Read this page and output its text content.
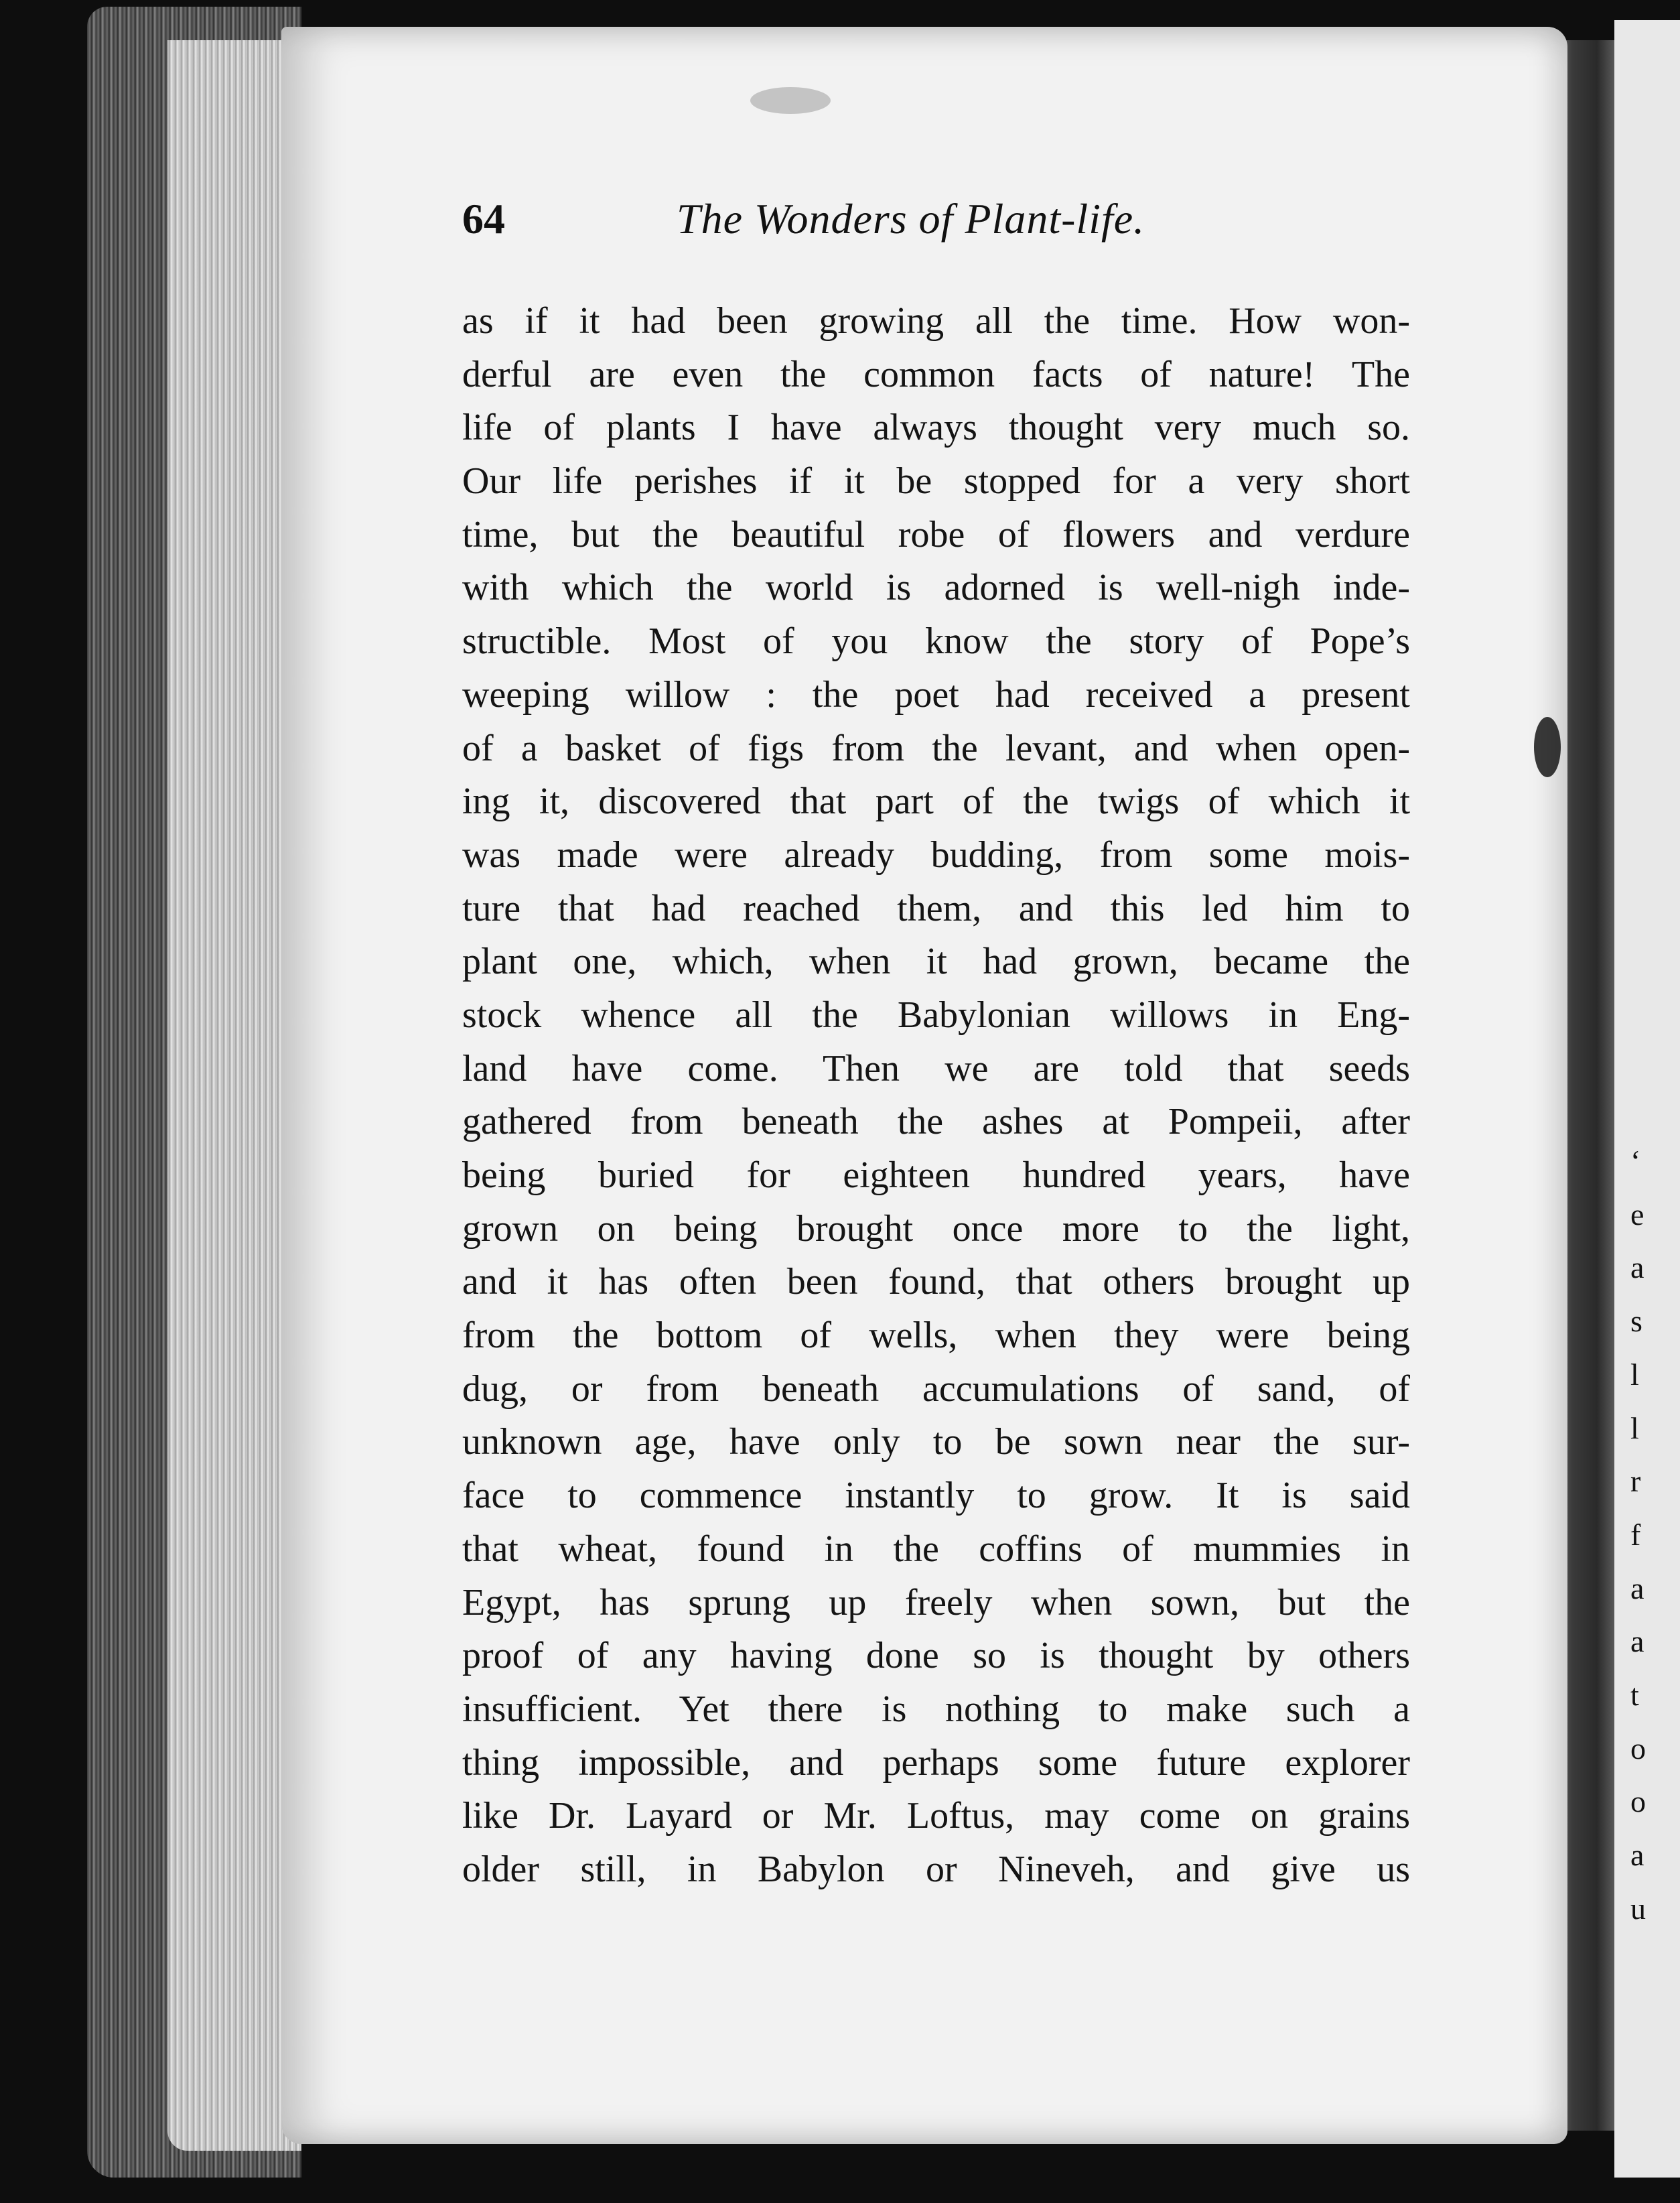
‘
e
a
s
l
l
r
f
a
a
t
o
o
a
u
64	The Wonders of Plant-life.
as if it had been growing all the time. How won-
derful are even the common facts of nature! The
life of plants I have always thought very much so.
Our life perishes if it be stopped for a very short
time, but the beautiful robe of flowers and verdure
with which the world is adorned is well-nigh inde-
structible. Most of you know the story of Pope’s
weeping willow : the poet had received a present
of a basket of figs from the levant, and when open-
ing it, discovered that part of the twigs of which it
was made were already budding, from some mois-
ture that had reached them, and this led him to
plant one, which, when it had grown, became the
stock whence all the Babylonian willows in Eng-
land have come. Then we are told that seeds
gathered from beneath the ashes at Pompeii, after
being buried for eighteen hundred years, have
grown on being brought once more to the light,
and it has often been found, that others brought up
from the bottom of wells, when they were being
dug, or from beneath accumulations of sand, of
unknown age, have only to be sown near the sur-
face to commence instantly to grow. It is said
that wheat, found in the coffins of mummies in
Egypt, has sprung up freely when sown, but the
proof of any having done so is thought by others
insufficient. Yet there is nothing to make such a
thing impossible, and perhaps some future explorer
like Dr. Layard or Mr. Loftus, may come on grains
older still, in Babylon or Nineveh, and give us
